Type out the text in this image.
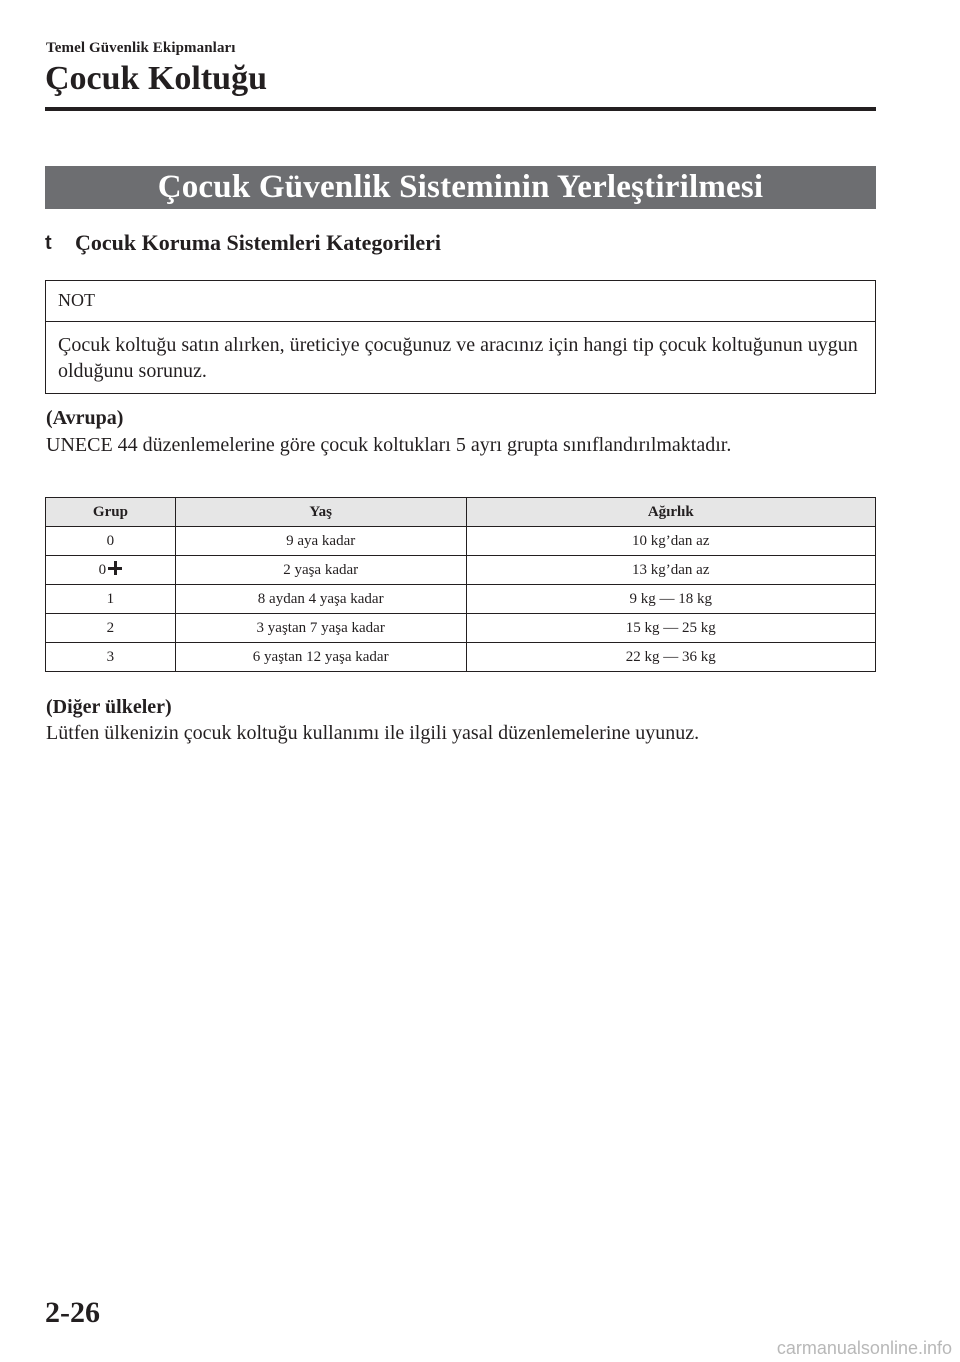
Temel Güvenlik Ekipmanları
Çocuk Koltuğu
Çocuk Güvenlik Sisteminin Yerleştirilmesi
t	Çocuk Koruma Sistemleri Kategorileri
NOT
Çocuk koltuğu satın alırken, üreticiye çocuğunuz ve aracınız için hangi tip çocuk koltuğunun uygun olduğunu sorunuz.
(Avrupa)
UNECE 44 düzenlemelerine göre çocuk koltukları 5 ayrı grupta sınıflandırılmaktadır.
Grup	Yaş	Ağırlık
0	9 aya kadar	10 kg’dan az
0	2 yaşa kadar	13 kg’dan az
1	8 aydan 4 yaşa kadar	9 kg — 18 kg
2	3 yaştan 7 yaşa kadar	15 kg — 25 kg
3	6 yaştan 12 yaşa kadar	22 kg — 36 kg
(Diğer ülkeler)
Lütfen ülkenizin çocuk koltuğu kullanımı ile ilgili yasal düzenlemelerine uyunuz.
2-26
carmanualsonline.info
